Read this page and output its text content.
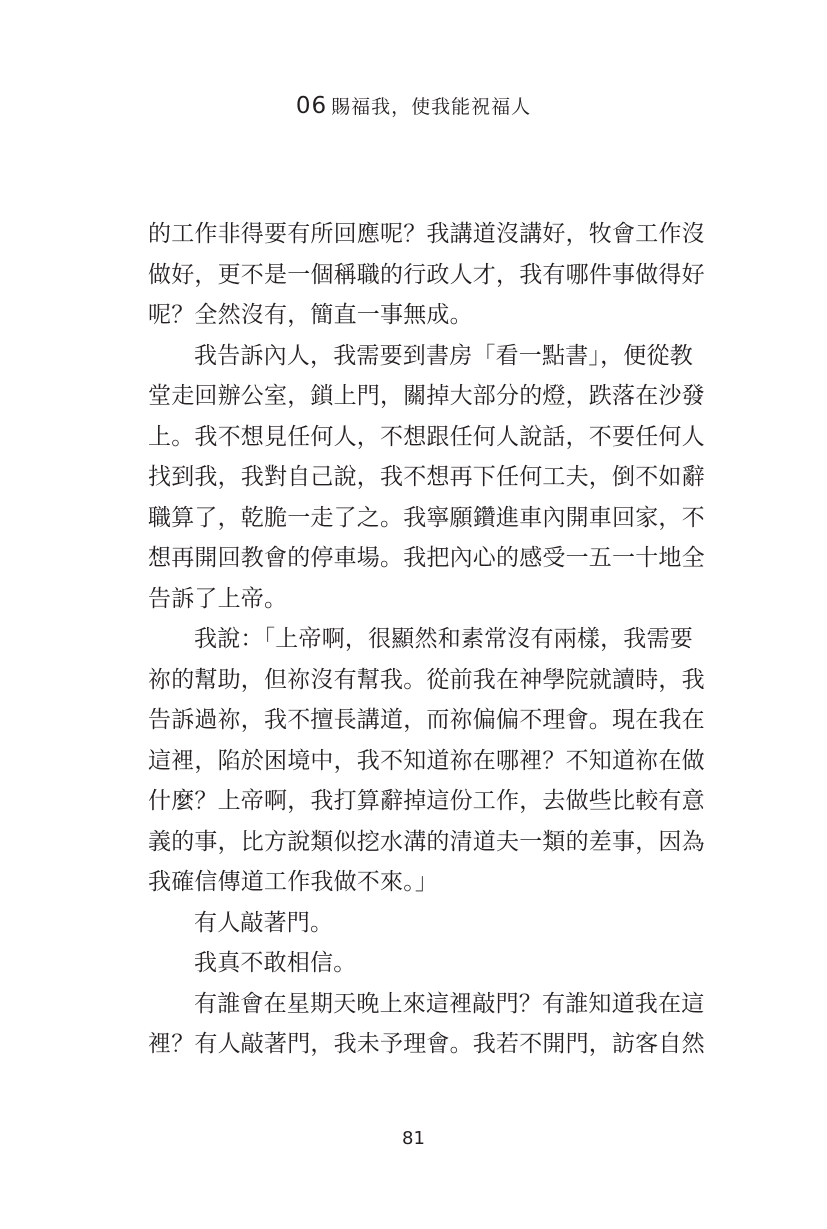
06 賜福我，使我能祝福人
的工作非得要有所回應呢？我講道沒講好，牧會工作沒
做好，更不是一個稱職的行政人才，我有哪件事做得好
呢？全然沒有，簡直一事無成。
我告訴內人，我需要到書房「看一點書」，便從教
堂走回辦公室，鎖上門，關掉大部分的燈，跌落在沙發
上。我不想見任何人，不想跟任何人說話，不要任何人
找到我，我對自己說，我不想再下任何工夫，倒不如辭
職算了，乾脆一走了之。我寧願鑽進車內開車回家，不
想再開回教會的停車場。我把內心的感受一五一十地全
告訴了上帝。
我說：「上帝啊，很顯然和素常沒有兩樣，我需要
祢的幫助，但祢沒有幫我。從前我在神學院就讀時，我
告訴過祢，我不擅長講道，而祢偏偏不理會。現在我在
這裡，陷於困境中，我不知道祢在哪裡？不知道祢在做
什麼？上帝啊，我打算辭掉這份工作，去做些比較有意
義的事，比方說類似挖水溝的清道夫一類的差事，因為
我確信傳道工作我做不來。」
有人敲著門。
我真不敢相信。
有誰會在星期天晚上來這裡敲門？有誰知道我在這
裡？有人敲著門，我未予理會。我若不開門，訪客自然
81
